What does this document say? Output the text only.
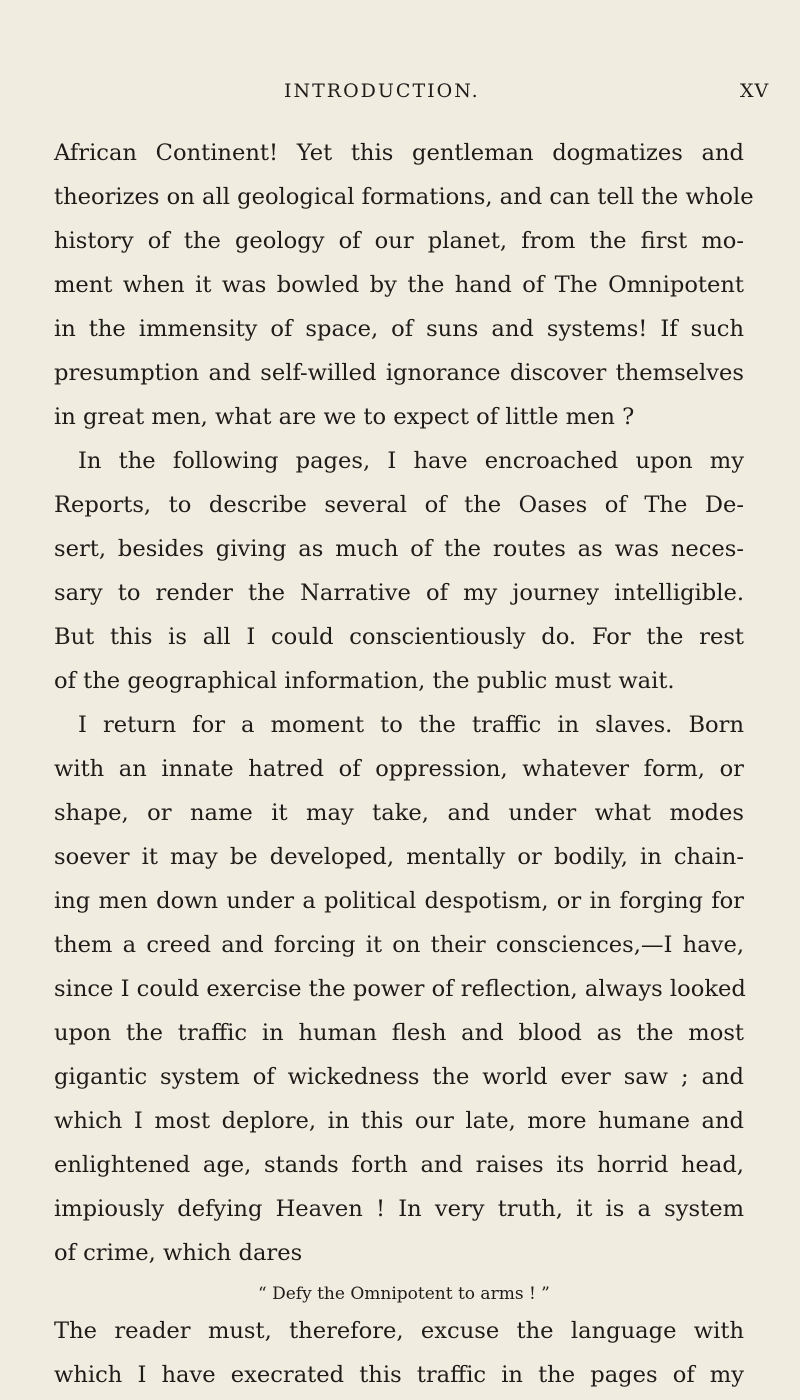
INTRODUCTION.	XV
African Continent! Yet this gentleman dogmatizes and
theorizes on all geological formations, and can tell the whole
history of the geology of our planet, from the first mo-
ment when it was bowled by the hand of The Omnipotent
in the immensity of space, of suns and systems! If such
presumption and self-willed ignorance discover themselves
in great men, what are we to expect of little men ?
In the following pages, I have encroached upon my
Reports, to describe several of the Oases of The De-
sert, besides giving as much of the routes as was neces-
sary to render the Narrative of my journey intelligible.
But this is all I could conscientiously do. For the rest
of the geographical information, the public must wait.
I return for a moment to the traffic in slaves. Born
with an innate hatred of oppression, whatever form, or
shape, or name it may take, and under what modes
soever it may be developed, mentally or bodily, in chain-
ing men down under a political despotism, or in forging for
them a creed and forcing it on their consciences,—I have,
since I could exercise the power of reflection, always looked
upon the traffic in human flesh and blood as the most
gigantic system of wickedness the world ever saw ; and
which I most deplore, in this our late, more humane and
enlightened age, stands forth and raises its horrid head,
impiously defying Heaven ! In very truth, it is a system
of crime, which dares
“ Defy the Omnipotent to arms ! ”
The reader must, therefore, excuse the language with
which I have execrated this traffic in the pages of my
